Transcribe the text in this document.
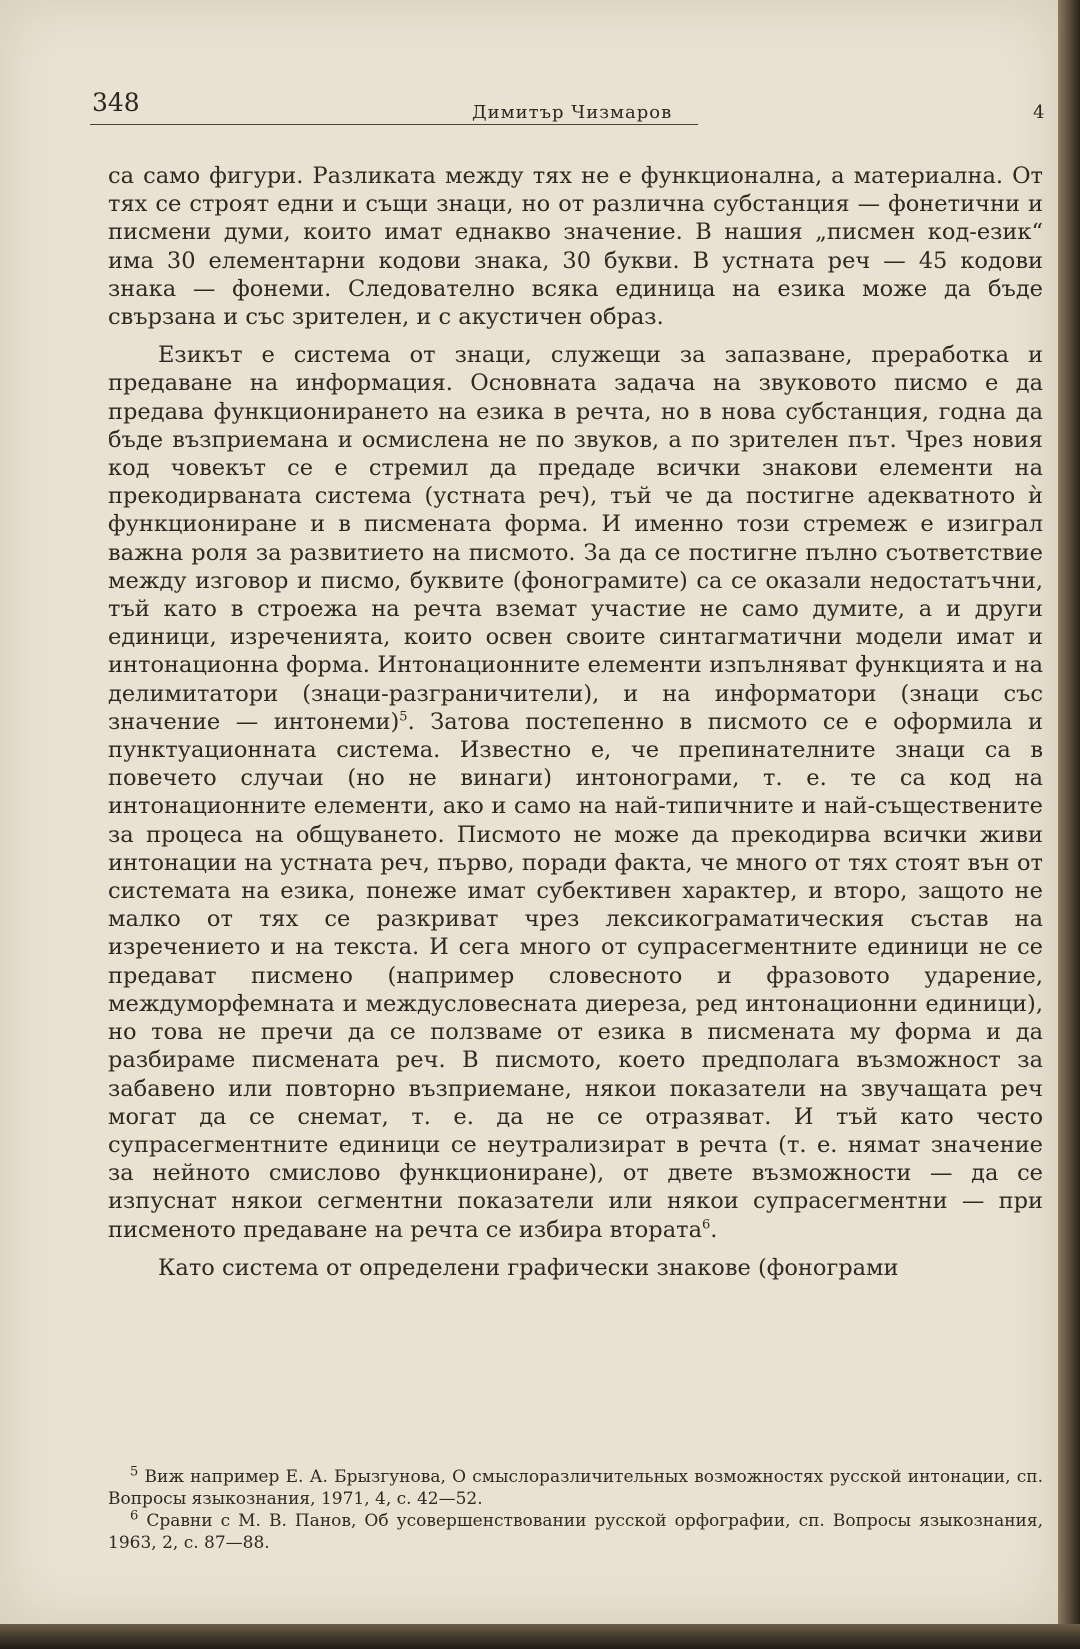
348	Димитър Чизмаров	4

са само фигури. Разликата между тях не е функционална, а материална. От тях се строят едни и същи знаци, но от различна субстанция — фонетични и писмени думи, които имат еднакво значение. В нашия „писмен код-език“ има 30 елементарни кодови знака, 30 букви. В устната реч — 45 кодови знака — фонеми. Следователно всяка единица на езика може да бъде свързана и със зрителен, и с акустичен образ.

Езикът е система от знаци, служещи за запазване, преработка и предаване на информация. Основната задача на звуковото писмо е да предава функционирането на езика в речта, но в нова субстанция, годна да бъде възприемана и осмислена не по звуков, а по зрителен път. Чрез новия код човекът се е стремил да предаде всички знакови елементи на прекодирваната система (устната реч), тъй че да постигне адекватното ѝ функциониране и в писмената форма. И именно този стремеж е изиграл важна роля за развитието на писмото. За да се постигне пълно съответствие между изговор и писмо, буквите (фонограмите) са се оказали недостатъчни, тъй като в строежа на речта вземат участие не само думите, а и други единици, изреченията, които освен своите синтагматични модели имат и интонационна форма. Интонационните елементи изпълняват функцията и на делимитатори (знаци-разграничители), и на информатори (знаци със значение — интонеми)$^5$. Затова постепенно в писмото се е оформила и пунктуационната система. Известно е, че препинателните знаци са в повечето случаи (но не винаги) интонограми, т. е. те са код на интонационните елементи, ако и само на най-типичните и най-съществените за процеса на общуването. Писмото не може да прекодирва всички живи интонации на устната реч, първо, поради факта, че много от тях стоят вън от системата на езика, понеже имат субективен характер, и второ, защото не малко от тях се разкриват чрез лексикограматическия състав на изречението и на текста. И сега много от супрасегментните единици не се предават писмено (например словесното и фразовото ударение, междуморфемната и междусловесната диереза, ред интонационни единици), но това не пречи да се ползваме от езика в писмената му форма и да разбираме писмената реч. В писмото, което предполага възможност за забавено или повторно възприемане, някои показатели на звучащата реч могат да се снемат, т. е. да не се отразяват. И тъй като често супрасегментните единици се неутрализират в речта (т. е. нямат значение за нейното смислово функциониране), от двете възможности — да се изпуснат някои сегментни показатели или някои супрасегментни — при писменото предаване на речта се избира втората$^6$.

Като система от определени графически знакове (фонограми

$^5$ Виж например Е. А. Брызгунова, О смыслоразличительных возможностях русской интонации, сп. Вопросы языкознания, 1971, 4, с. 42—52.

$^6$ Сравни с М. В. Панов, Об усовершенствовании русской орфографии, сп. Вопросы языкознания, 1963, 2, с. 87—88.
